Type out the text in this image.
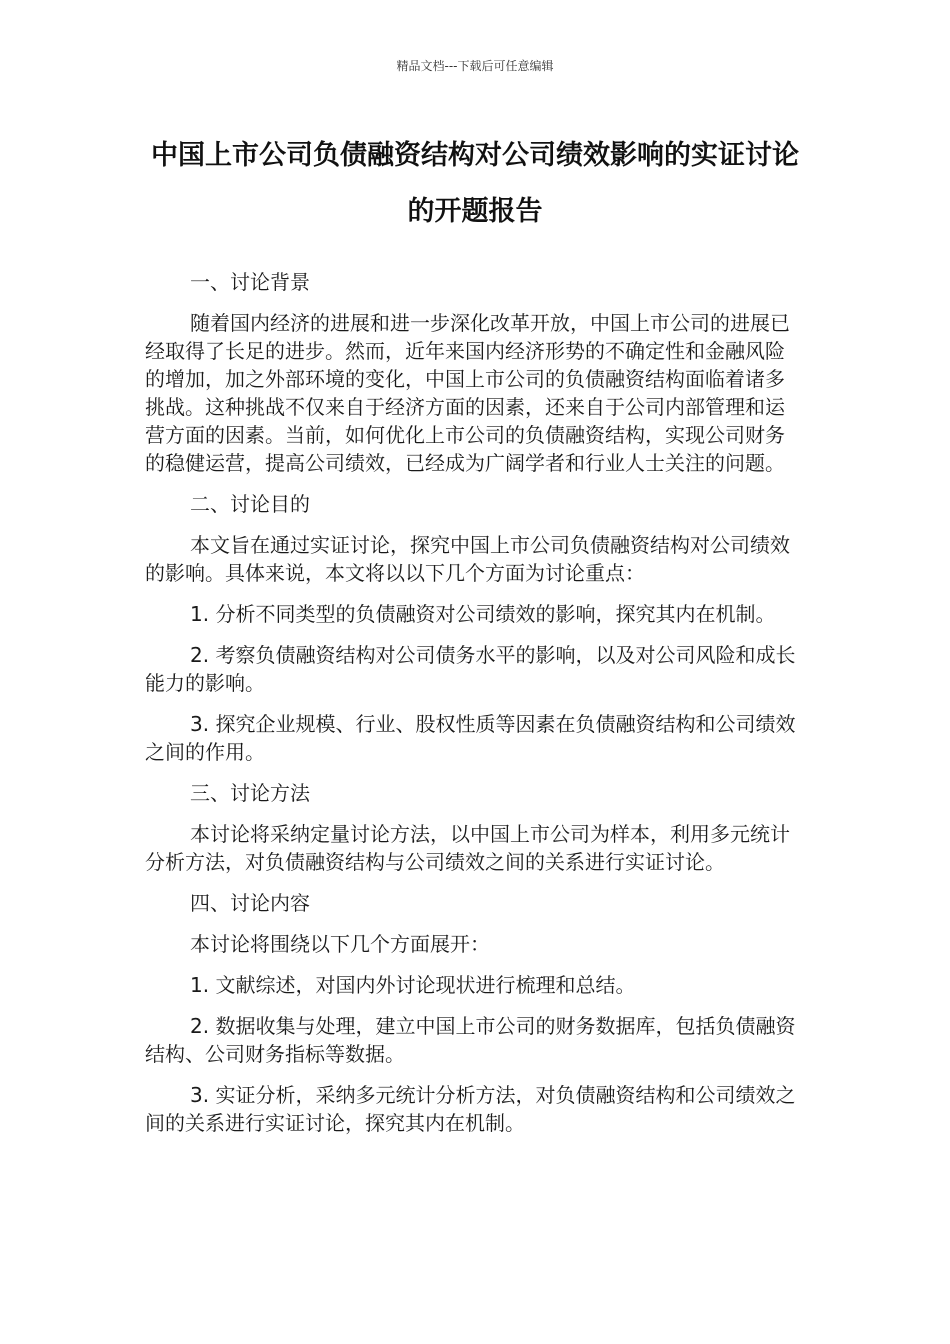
精品文档---下载后可任意编辑
中国上市公司负债融资结构对公司绩效影响的实证讨论的开题报告

一、讨论背景

随着国内经济的进展和进一步深化改革开放，中国上市公司的进展已经取得了长足的进步。然而，近年来国内经济形势的不确定性和金融风险的增加，加之外部环境的变化，中国上市公司的负债融资结构面临着诸多挑战。这种挑战不仅来自于经济方面的因素，还来自于公司内部管理和运营方面的因素。当前，如何优化上市公司的负债融资结构，实现公司财务的稳健运营，提高公司绩效，已经成为广阔学者和行业人士关注的问题。

二、讨论目的

本文旨在通过实证讨论，探究中国上市公司负债融资结构对公司绩效的影响。具体来说，本文将以以下几个方面为讨论重点：

1. 分析不同类型的负债融资对公司绩效的影响，探究其内在机制。

2. 考察负债融资结构对公司债务水平的影响，以及对公司风险和成长能力的影响。

3. 探究企业规模、行业、股权性质等因素在负债融资结构和公司绩效之间的作用。

三、讨论方法

本讨论将采纳定量讨论方法，以中国上市公司为样本，利用多元统计分析方法，对负债融资结构与公司绩效之间的关系进行实证讨论。

四、讨论内容

本讨论将围绕以下几个方面展开：

1. 文献综述，对国内外讨论现状进行梳理和总结。

2. 数据收集与处理，建立中国上市公司的财务数据库，包括负债融资结构、公司财务指标等数据。

3. 实证分析，采纳多元统计分析方法，对负债融资结构和公司绩效之间的关系进行实证讨论，探究其内在机制。
